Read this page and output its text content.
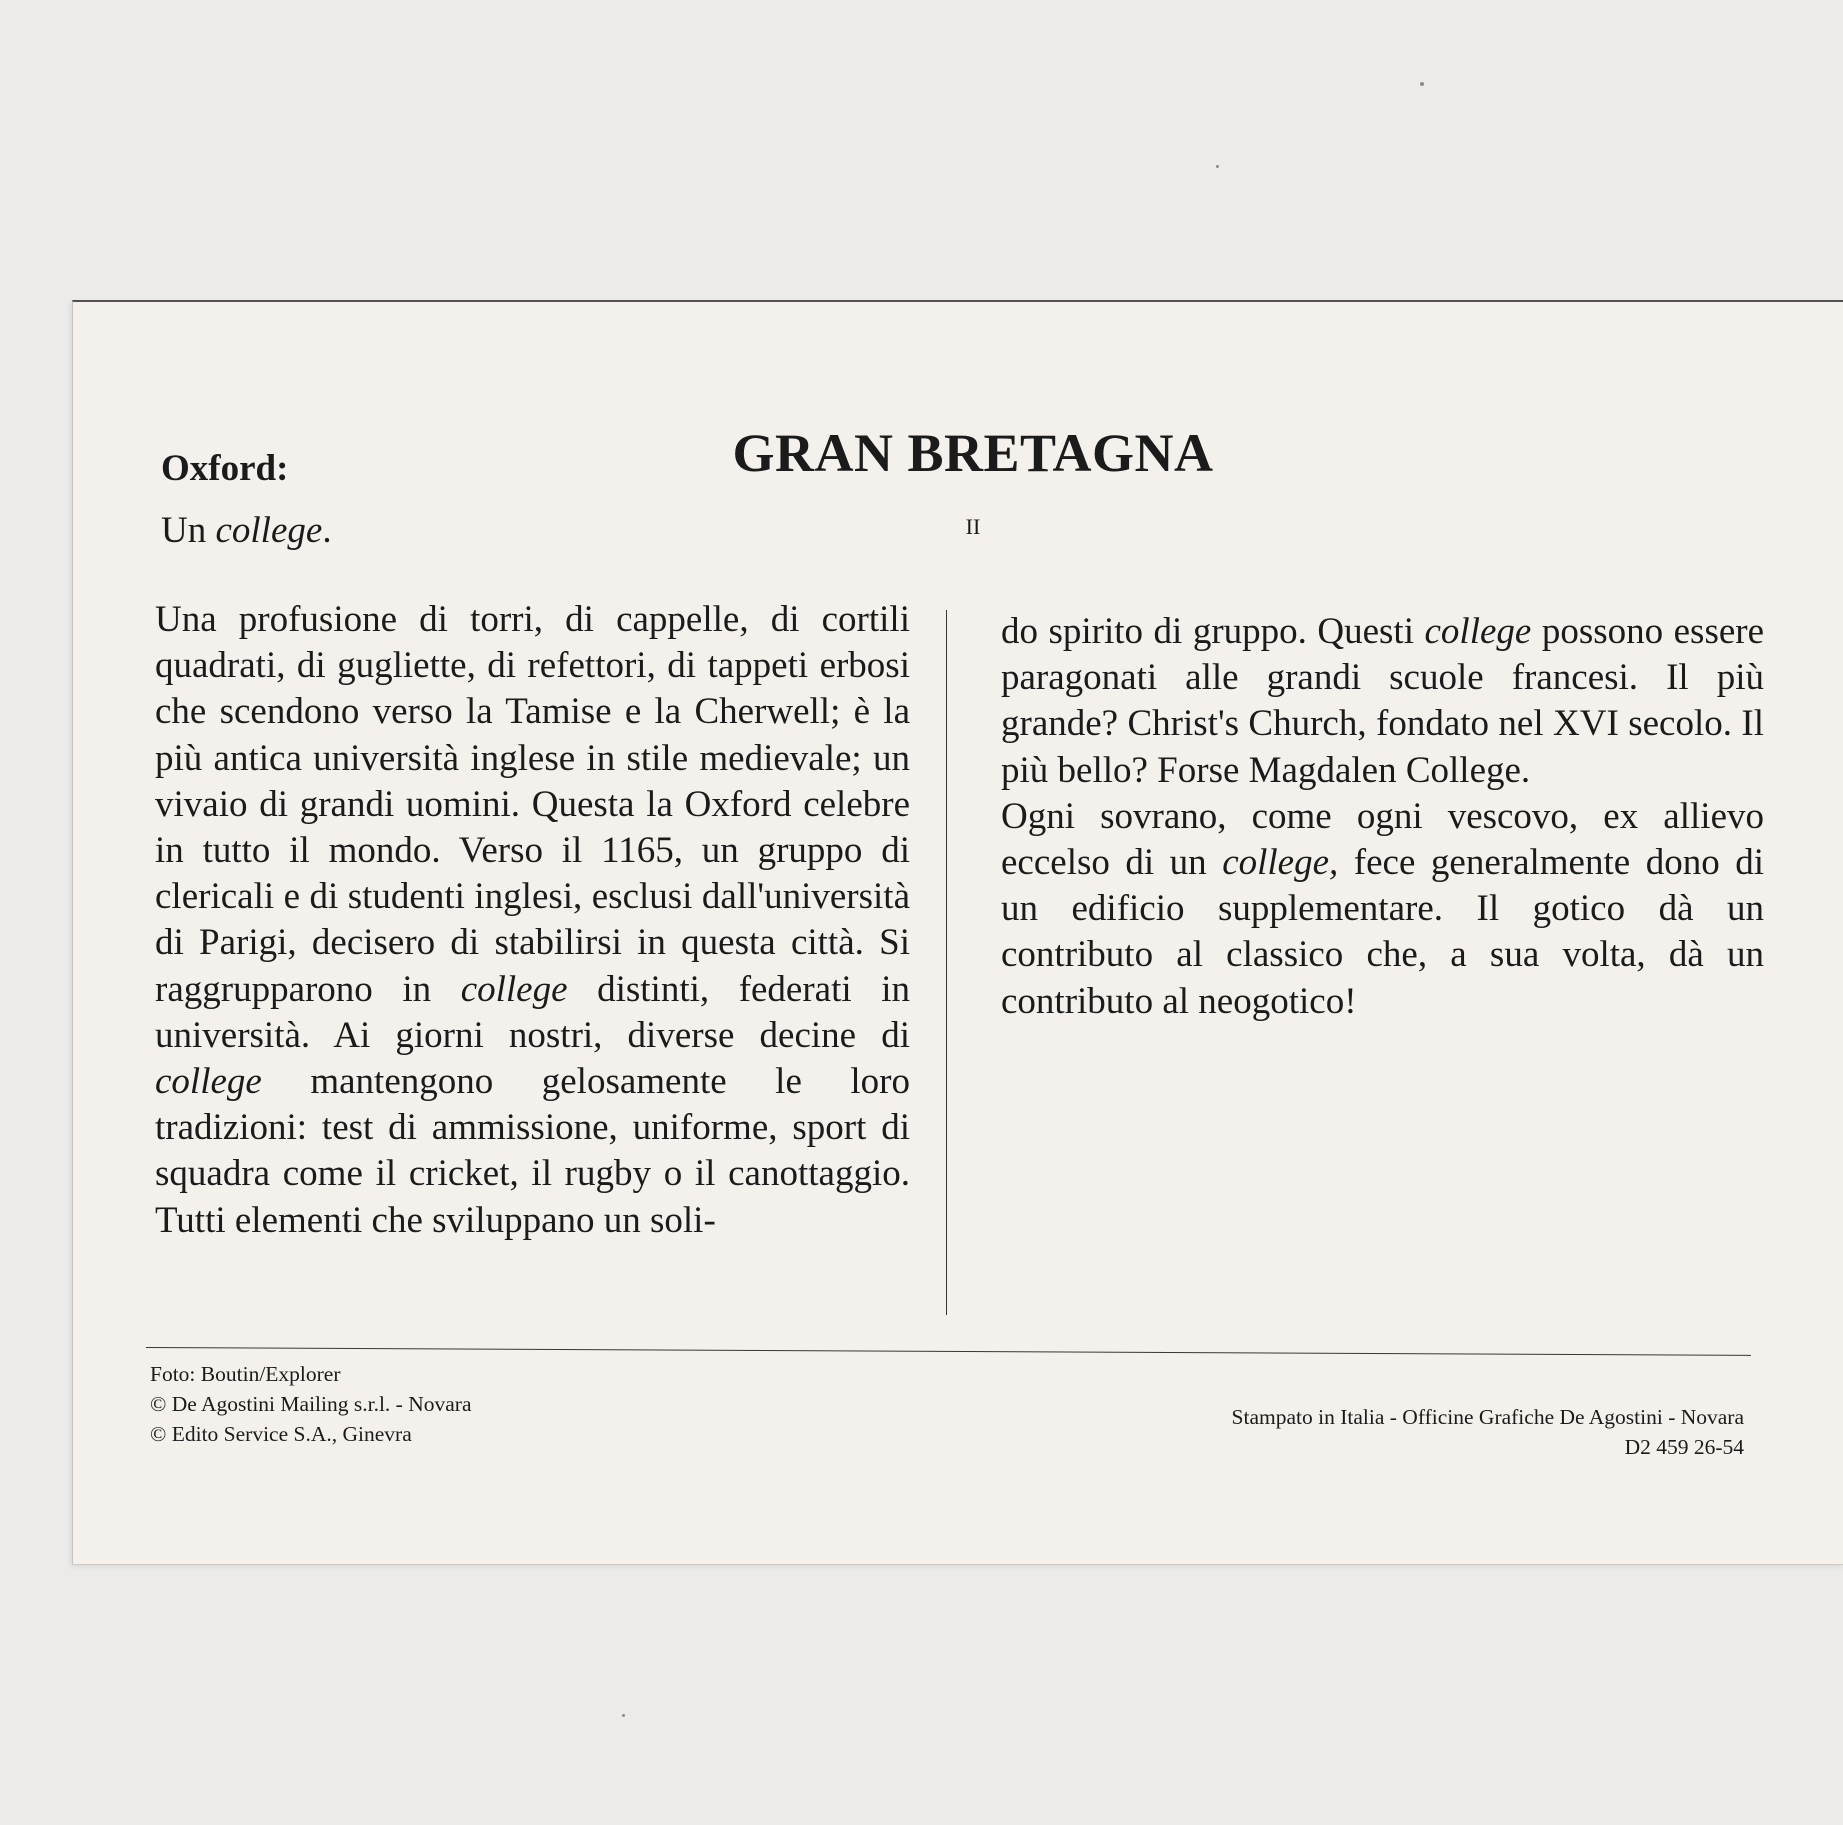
GRAN BRETAGNA
Oxford:

Un college.	II

Una profusione di torri, di cappelle, di cortili quadrati, di gugliette, di refettori, di tappeti erbosi che scendono verso la Tamise e la Cherwell; è la più antica università inglese in stile medievale; un vivaio di grandi uomini. Questa la Oxford celebre in tutto il mondo. Verso il 1165, un gruppo di clericali e di studenti inglesi, esclusi dall'università di Parigi, decisero di stabilirsi in questa città. Si raggrupparono in college distinti, federati in università. Ai giorni nostri, diverse decine di college mantengono gelosamente le loro tradizioni: test di ammissione, uniforme, sport di squadra come il cricket, il rugby o il canottaggio. Tutti elementi che sviluppano un soli-

do spirito di gruppo. Questi college possono essere paragonati alle grandi scuole francesi. Il più grande? Christ's Church, fondato nel XVI secolo. Il più bello? Forse Magdalen College.

Ogni sovrano, come ogni vescovo, ex allievo eccelso di un college, fece generalmente dono di un edificio supplementare. Il gotico dà un contributo al classico che, a sua volta, dà un contributo al neogotico!

Foto: Boutin/Explorer
© De Agostini Mailing s.r.l. - Novara
© Edito Service S.A., Ginevra
Stampato in Italia - Officine Grafiche De Agostini - Novara
D2 459 26-54
